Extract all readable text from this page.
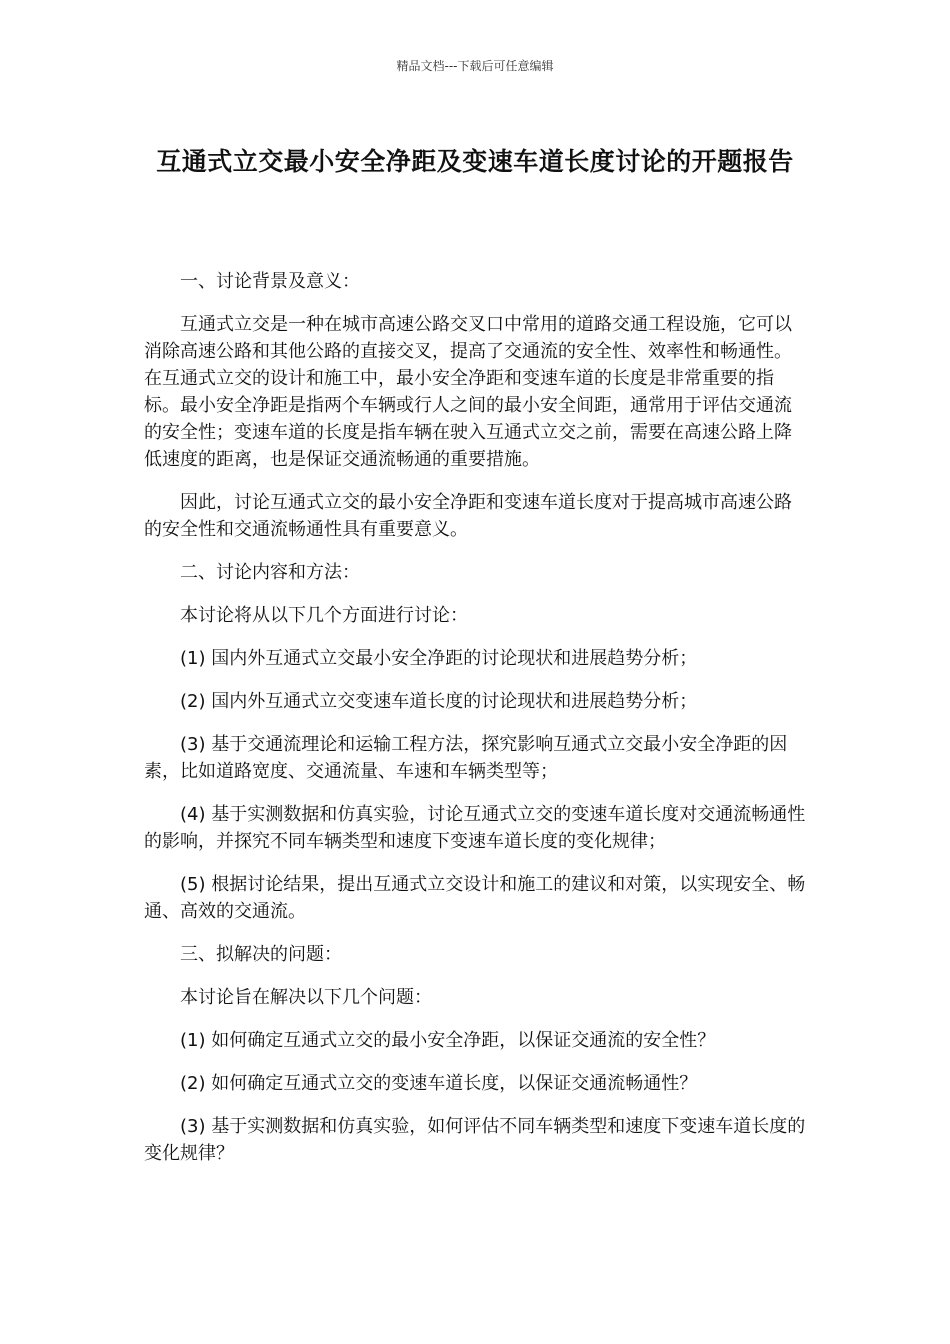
精品文档---下载后可任意编辑
互通式立交最小安全净距及变速车道长度讨论的开题报告

一、讨论背景及意义：

互通式立交是一种在城市高速公路交叉口中常用的道路交通工程设施，它可以消除高速公路和其他公路的直接交叉，提高了交通流的安全性、效率性和畅通性。在互通式立交的设计和施工中，最小安全净距和变速车道的长度是非常重要的指标。最小安全净距是指两个车辆或行人之间的最小安全间距，通常用于评估交通流的安全性；变速车道的长度是指车辆在驶入互通式立交之前，需要在高速公路上降低速度的距离，也是保证交通流畅通的重要措施。

因此，讨论互通式立交的最小安全净距和变速车道长度对于提高城市高速公路的安全性和交通流畅通性具有重要意义。

二、讨论内容和方法：

本讨论将从以下几个方面进行讨论：

(1) 国内外互通式立交最小安全净距的讨论现状和进展趋势分析；

(2) 国内外互通式立交变速车道长度的讨论现状和进展趋势分析；

(3) 基于交通流理论和运输工程方法，探究影响互通式立交最小安全净距的因素，比如道路宽度、交通流量、车速和车辆类型等；

(4) 基于实测数据和仿真实验，讨论互通式立交的变速车道长度对交通流畅通性的影响，并探究不同车辆类型和速度下变速车道长度的变化规律；

(5) 根据讨论结果，提出互通式立交设计和施工的建议和对策，以实现安全、畅通、高效的交通流。

三、拟解决的问题：

本讨论旨在解决以下几个问题：

(1) 如何确定互通式立交的最小安全净距，以保证交通流的安全性？

(2) 如何确定互通式立交的变速车道长度，以保证交通流畅通性？

(3) 基于实测数据和仿真实验，如何评估不同车辆类型和速度下变速车道长度的变化规律？
